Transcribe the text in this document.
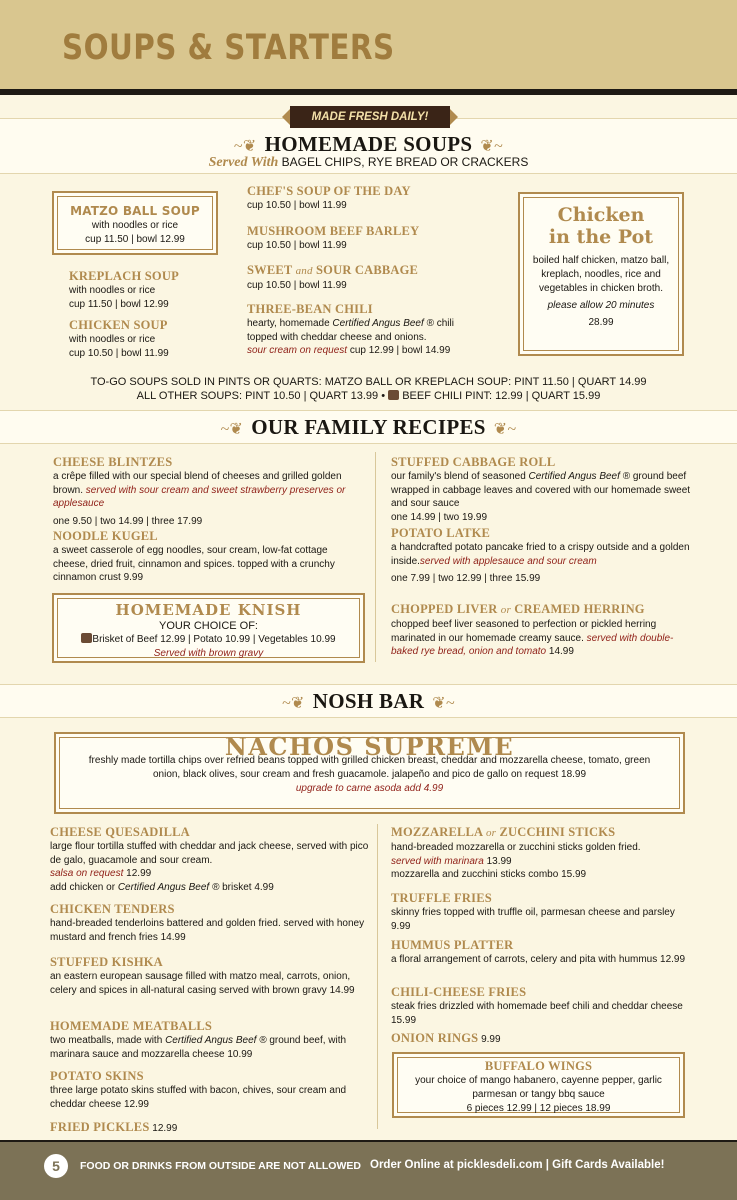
SOUPS & STARTERS
MADE FRESH DAILY!
~❦ HOMEMADE SOUPS ❦~
Served With BAGEL CHIPS, RYE BREAD OR CRACKERS
MATZO BALL SOUP
with noodles or rice
cup 11.50 | bowl 12.99
KREPLACH SOUP
with noodles or rice
cup 11.50 | bowl 12.99
CHICKEN SOUP
with noodles or rice
cup 10.50 | bowl 11.99
CHEF'S SOUP OF THE DAY
cup 10.50 | bowl 11.99
MUSHROOM BEEF BARLEY
cup 10.50 | bowl 11.99
SWEET and SOUR CABBAGE
cup 10.50 | bowl 11.99
THREE-BEAN CHILI
hearty, homemade Certified Angus Beef ® chili
topped with cheddar cheese and onions.
sour cream on request cup 12.99 | bowl 14.99
Chicken
in the Pot
boiled half chicken, matzo ball, kreplach, noodles, rice and vegetables in chicken broth.
please allow 20 minutes
28.99
TO-GO SOUPS SOLD IN PINTS OR QUARTS: MATZO BALL OR KREPLACH SOUP: PINT 11.50 | QUART 14.99
ALL OTHER SOUPS: PINT 10.50 | QUART 13.99 • BEEF CHILI PINT: 12.99 | QUART 15.99
~❦ OUR FAMILY RECIPES ❦~
CHEESE BLINTZES
a crêpe filled with our special blend of cheeses and grilled golden brown. served with sour cream and sweet strawberry preserves or applesauce
one 9.50 | two 14.99 | three 17.99
NOODLE KUGEL
a sweet casserole of egg noodles, sour cream, low-fat cottage cheese, dried fruit, cinnamon and spices. topped with a crunchy cinnamon crust 9.99
HOMEMADE KNISH
YOUR CHOICE OF:
Brisket of Beef 12.99 | Potato 10.99 | Vegetables 10.99
Served with brown gravy
STUFFED CABBAGE ROLL
our family's blend of seasoned Certified Angus Beef ® ground beef wrapped in cabbage leaves and covered with our homemade sweet and sour sauce
one 14.99 | two 19.99
POTATO LATKE
a handcrafted potato pancake fried to a crispy outside and a golden inside.served with applesauce and sour cream
one 7.99 | two 12.99 | three 15.99
CHOPPED LIVER or CREAMED HERRING
chopped beef liver seasoned to perfection or pickled herring marinated in our homemade creamy sauce. served with double-baked rye bread, onion and tomato 14.99
~❦ NOSH BAR ❦~
NACHOS SUPREME
freshly made tortilla chips over refried beans topped with grilled chicken breast, cheddar and mozzarella cheese, tomato, green onion, black olives, sour cream and fresh guacamole. jalapeño and pico de gallo on request 18.99
upgrade to carne asoda add 4.99
CHEESE QUESADILLA
large flour tortilla stuffed with cheddar and jack cheese, served with pico de galo, guacamole and sour cream.
salsa on request 12.99
add chicken or Certified Angus Beef ® brisket 4.99
CHICKEN TENDERS
hand-breaded tenderloins battered and golden fried. served with honey mustard and french fries 14.99
STUFFED KISHKA
an eastern european sausage filled with matzo meal, carrots, onion, celery and spices in all-natural casing served with brown gravy 14.99
HOMEMADE MEATBALLS
two meatballs, made with Certified Angus Beef ® ground beef, with marinara sauce and mozzarella cheese 10.99
POTATO SKINS
three large potato skins stuffed with bacon, chives, sour cream and cheddar cheese 12.99
FRIED PICKLES 12.99
MOZZARELLA or ZUCCHINI STICKS
hand-breaded mozzarella or zucchini sticks golden fried.
served with marinara 13.99
mozzarella and zucchini sticks combo 15.99
TRUFFLE FRIES
skinny fries topped with truffle oil, parmesan cheese and parsley 9.99
HUMMUS PLATTER
a floral arrangement of carrots, celery and pita with hummus 12.99
CHILI-CHEESE FRIES
steak fries drizzled with homemade beef chili and cheddar cheese 15.99
ONION RINGS 9.99
BUFFALO WINGS
your choice of mango habanero, cayenne pepper, garlic parmesan or tangy bbq sauce
6 pieces 12.99 | 12 pieces 18.99
5	FOOD OR DRINKS FROM OUTSIDE ARE NOT ALLOWED Order Online at picklesdeli.com | Gift Cards Available!
